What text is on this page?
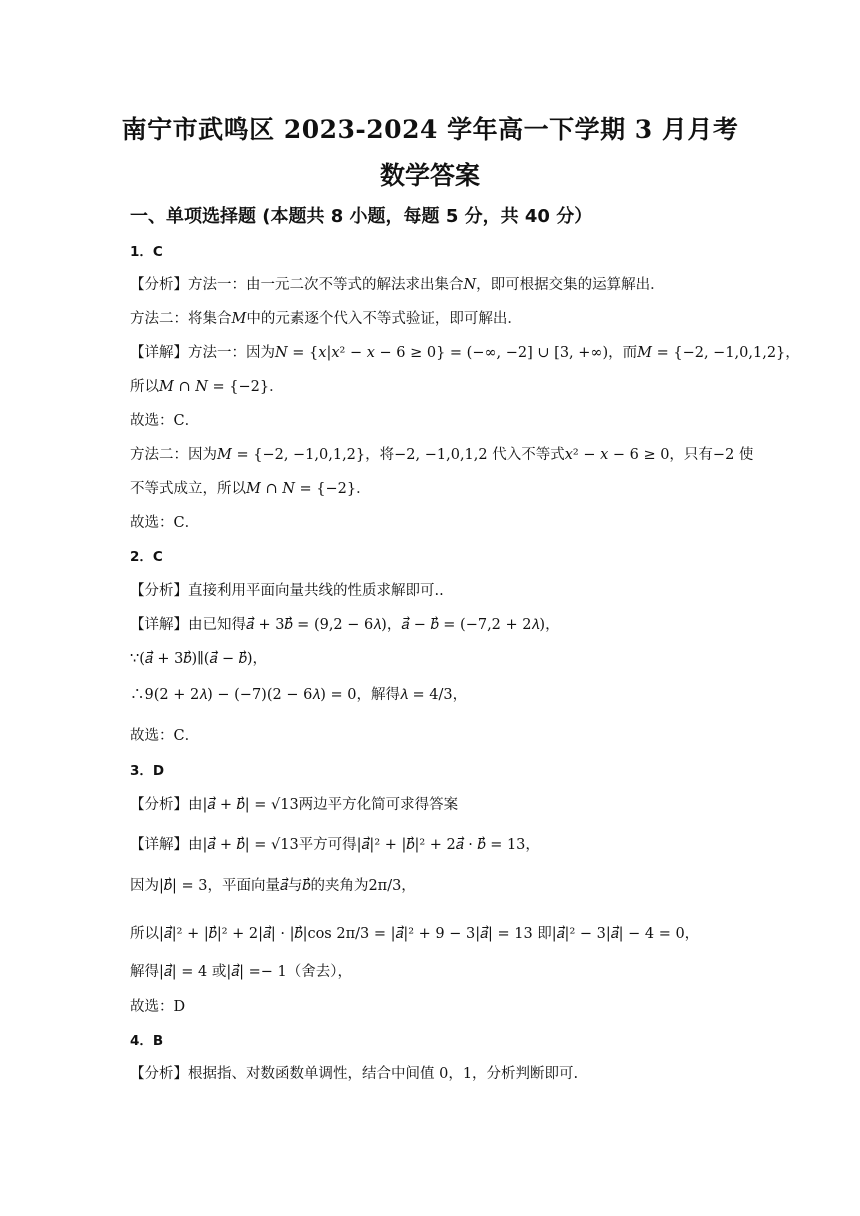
南宁市武鸣区 2023-2024 学年高一下学期 3 月月考
数学答案
一、单项选择题 (本题共 8 小题，每题 5 分，共 40 分）
1．C
【分析】方法一：由一元二次不等式的解法求出集合𝑁，即可根据交集的运算解出．
方法二：将集合𝑀中的元素逐个代入不等式验证，即可解出．
【详解】方法一：因为𝑁 = {𝑥|𝑥² − 𝑥 − 6 ≥ 0} = (−∞, −2] ∪ [3, +∞)，而𝑀 = {−2, −1,0,1,2}，
所以𝑀 ∩ 𝑁 = {−2}．
故选：C．
方法二：因为𝑀 = {−2, −1,0,1,2}，将−2, −1,0,1,2 代入不等式𝑥² − 𝑥 − 6 ≥ 0，只有−2 使
不等式成立，所以𝑀 ∩ 𝑁 = {−2}．
故选：C．
2．C
【分析】直接利用平面向量共线的性质求解即可..
【详解】由已知得𝑎⃗ + 3𝑏⃗ = (9,2 − 6𝜆)，𝑎⃗ − 𝑏⃗ = (−7,2 + 2𝜆)，
∵(𝑎⃗ + 3𝑏⃗)∥(𝑎⃗ − 𝑏⃗)，
∴9(2 + 2𝜆) − (−7)(2 − 6𝜆) = 0，解得𝜆 = 4/3，
故选：C．
3．D
【分析】由|𝑎⃗ + 𝑏⃗| = √13两边平方化简可求得答案
【详解】由|𝑎⃗ + 𝑏⃗| = √13平方可得|𝑎⃗|² + |𝑏⃗|² + 2𝑎⃗ · 𝑏⃗ = 13，
因为|𝑏⃗| = 3，平面向量𝑎⃗与𝑏⃗的夹角为2π/3，
所以|𝑎⃗|² + |𝑏⃗|² + 2|𝑎⃗| · |𝑏⃗|cos 2π/3 = |𝑎⃗|² + 9 − 3|𝑎⃗| = 13 即|𝑎⃗|² − 3|𝑎⃗| − 4 = 0，
解得|𝑎⃗| = 4 或|𝑎⃗| =− 1（舍去），
故选：D
4．B
【分析】根据指、对数函数单调性，结合中间值 0，1，分析判断即可.
